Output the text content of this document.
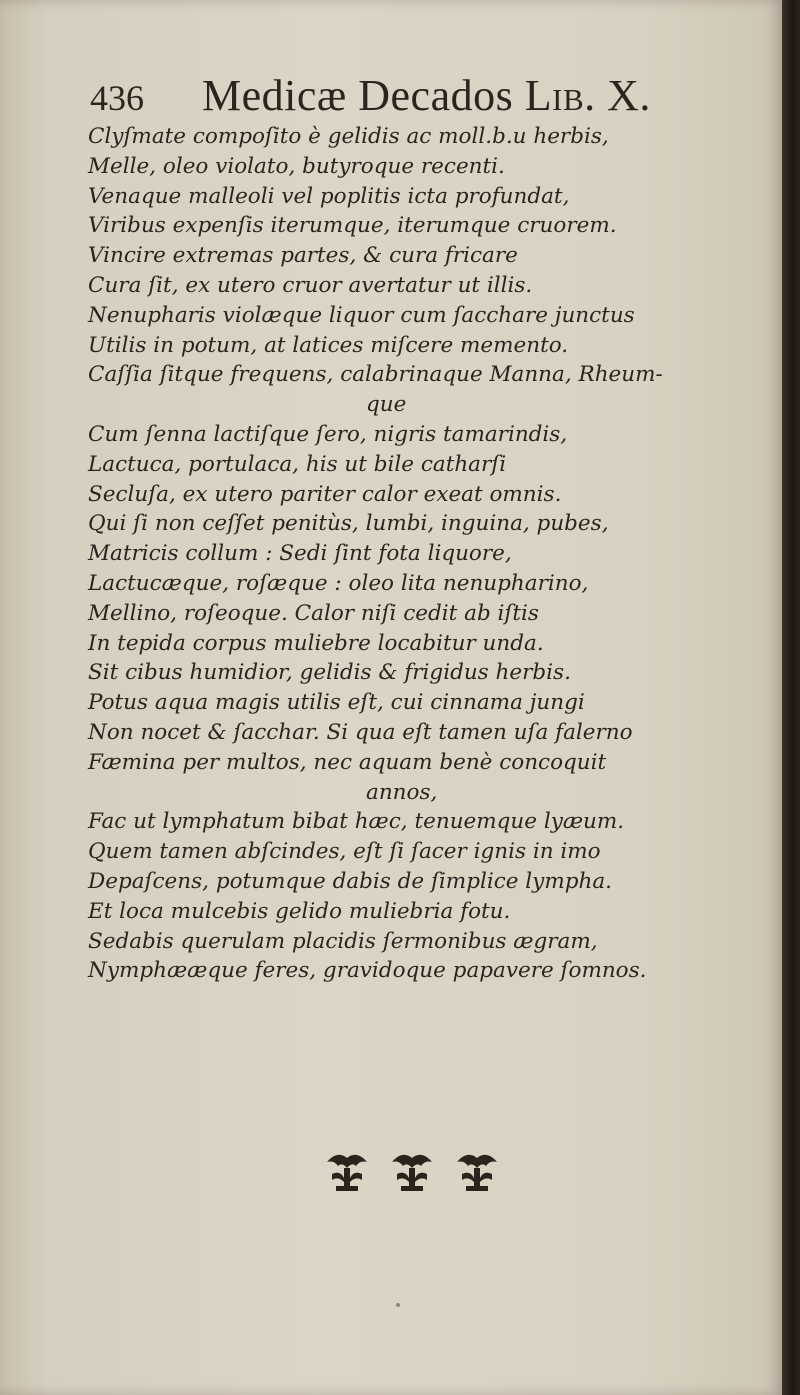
436 Medicæ Decados Lib. X.
Clyſmate compoſito è gelidis ac moll.b.u herbis,
Melle, oleo violato, butyroque recenti.
Venaque malleoli vel poplitis icta profundat,
Viribus expenſis iterumque, iterumque cruorem.
Vincire extremas partes, & cura fricare
Cura ſit, ex utero cruor avertatur ut illis.
Nenupharis violæque liquor cum ſacchare junctus
Utilis in potum, at latices miſcere memento.
Caſſia ſitque frequens, calabrinaque Manna, Rheum-
que
Cum ſenna lactiſque ſero, nigris tamarindis,
Lactuca, portulaca, his ut bile catharſi
Secluſa, ex utero pariter calor exeat omnis.
Qui ſi non ceſſet penitùs, lumbi, inguina, pubes,
Matricis collum : Sedi ſint fota liquore,
Lactucæque, roſæque : oleo lita nenupharino,
Mellino, roſeoque. Calor niſi cedit ab iſtis
In tepida corpus muliebre locabitur unda.
Sit cibus humidior, gelidis & frigidus herbis.
Potus aqua magis utilis eſt, cui cinnama jungi
Non nocet & ſacchar. Si qua eſt tamen uſa falerno
Fæmina per multos, nec aquam benè concoquit
annos,
Fac ut lymphatum bibat hæc, tenuemque lyæum.
Quem tamen abſcindes, eſt ſi ſacer ignis in imo
Depaſcens, potumque dabis de ſimplice lympha.
Et loca mulcebis gelido muliebria fotu.
Sedabis querulam placidis ſermonibus ægram,
Nymphææque feres, gravidoque papavere ſomnos.
